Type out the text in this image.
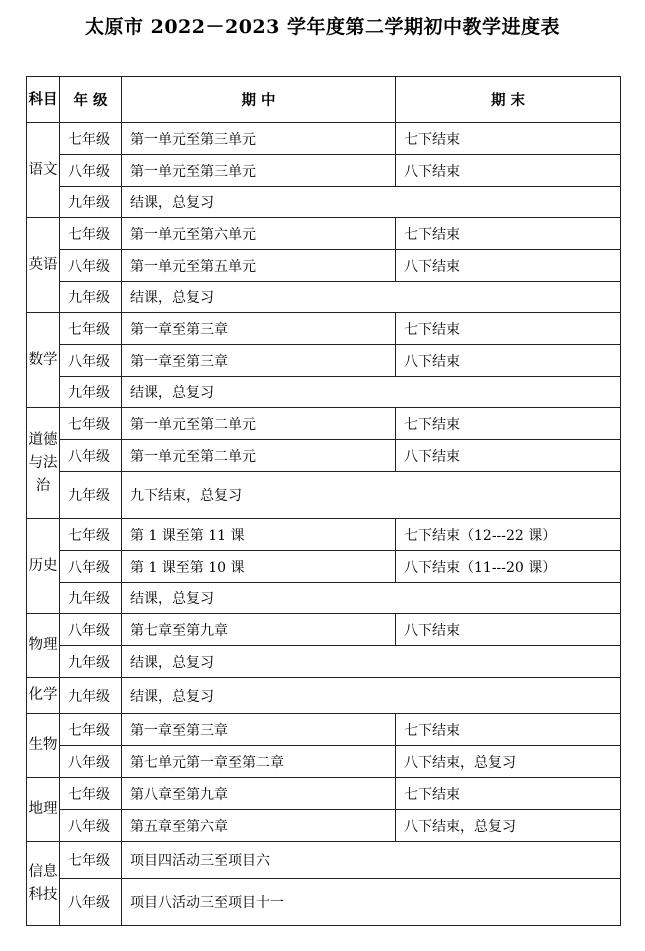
太原市 2022－2023 学年度第二学期初中教学进度表
科目	年 级	期 中	期 末
语文	七年级	第一单元至第三单元	七下结束
	八年级	第一单元至第三单元	八下结束
	九年级	结课，总复习	
英语	七年级	第一单元至第六单元	七下结束
	八年级	第一单元至第五单元	八下结束
	九年级	结课，总复习	
数学	七年级	第一章至第三章	七下结束
	八年级	第一章至第三章	八下结束
	九年级	结课，总复习	
道德与法治	七年级	第一单元至第二单元	七下结束
	八年级	第一单元至第二单元	八下结束
	九年级	九下结束，总复习	
历史	七年级	第 1 课至第 11 课	七下结束（12---22 课）
	八年级	第 1 课至第 10 课	八下结束（11---20 课）
	九年级	结课，总复习	
物理	八年级	第七章至第九章	八下结束
	九年级	结课，总复习	
化学	九年级	结课，总复习	
生物	七年级	第一章至第三章	七下结束
	八年级	第七单元第一章至第二章	八下结束，总复习
地理	七年级	第八章至第九章	七下结束
	八年级	第五章至第六章	八下结束，总复习
信息科技	七年级	项目四活动三至项目六	
	八年级	项目八活动三至项目十一	
